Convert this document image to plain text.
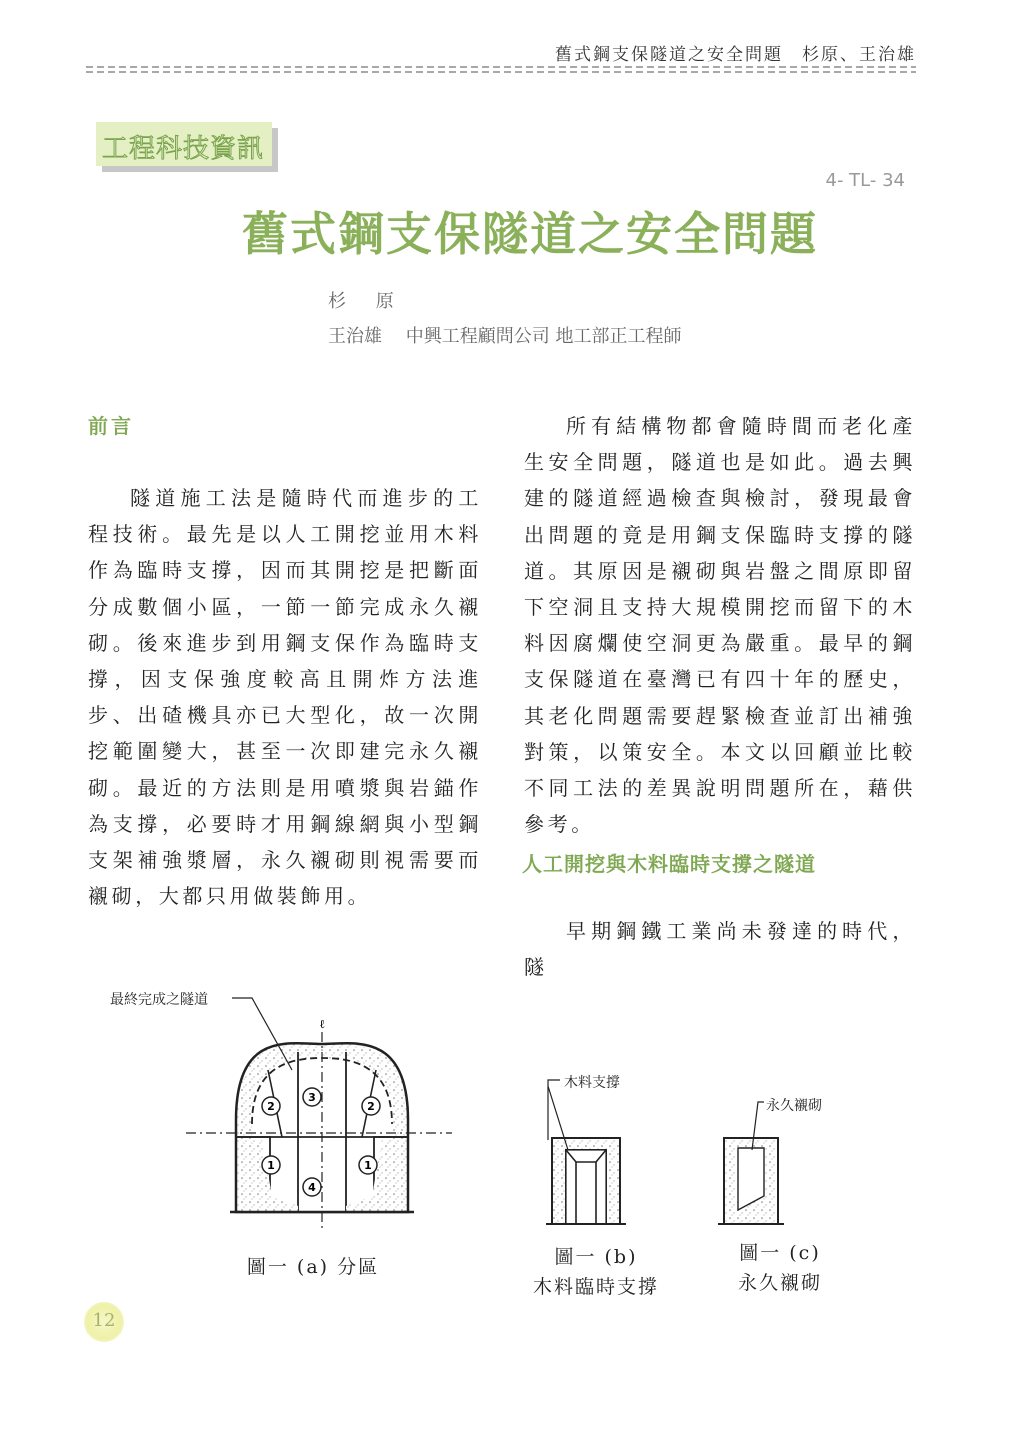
舊式鋼支保隧道之安全問題　杉原、王治雄
工程科技資訊
4- TL- 34
舊式鋼支保隧道之安全問題
杉 原
王治雄　 中興工程顧問公司 地工部正工程師
前言
隧道施工法是隨時代而進步的工程技術。最先是以人工開挖並用木料作為臨時支撐，因而其開挖是把斷面分成數個小區，一節一節完成永久襯砌。後來進步到用鋼支保作為臨時支撐，因支保強度較高且開炸方法進步、出碴機具亦已大型化，故一次開挖範圍變大，甚至一次即建完永久襯砌。最近的方法則是用噴漿與岩錨作為支撐，必要時才用鋼線網與小型鋼支架補強漿層，永久襯砌則視需要而襯砌，大都只用做裝飾用。
所有結構物都會隨時間而老化產生安全問題，隧道也是如此。過去興建的隧道經過檢查與檢討，發現最會出問題的竟是用鋼支保臨時支撐的隧道。其原因是襯砌與岩盤之間原即留下空洞且支持大規模開挖而留下的木料因腐爛使空洞更為嚴重。最早的鋼支保隧道在臺灣已有四十年的歷史，其老化問題需要趕緊檢查並訂出補強對策，以策安全。本文以回顧並比較不同工法的差異說明問題所在，藉供參考。
人工開挖與木料臨時支撐之隧道
早期鋼鐵工業尚未發達的時代，隧
2
3
2
1
4
1
ℓ
最終完成之隧道
木料支撐
永久襯砌
圖一 (a) 分區	圖一 (b)
木料臨時支撐
圖一 (c)
永久襯砌
12
